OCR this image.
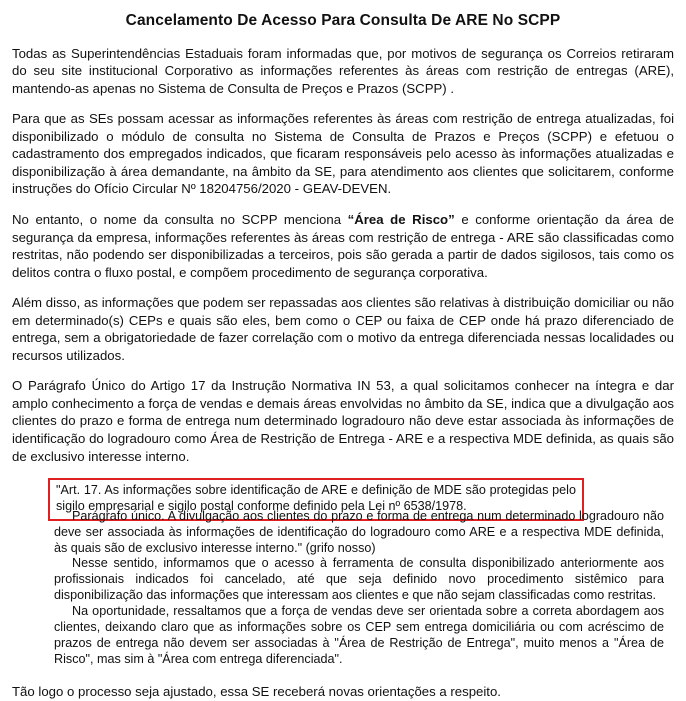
Cancelamento De Acesso Para Consulta De ARE No SCPP

Todas as Superintendências Estaduais foram informadas que, por motivos de segurança os Correios retiraram do seu site institucional Corporativo as informações referentes às áreas com restrição de entregas (ARE), mantendo-as apenas no Sistema de Consulta de Preços e Prazos (SCPP) .

Para que as SEs possam acessar as informações referentes às áreas com restrição de entrega atualizadas, foi disponibilizado o módulo de consulta no Sistema de Consulta de Prazos e Preços (SCPP) e efetuou o cadastramento dos empregados indicados, que ficaram responsáveis pelo acesso às informações atualizadas e disponibilização à área demandante, na âmbito da SE, para atendimento aos clientes que solicitarem, conforme instruções do Ofício Circular Nº 18204756/2020 - GEAV-DEVEN.

No entanto, o nome da consulta no SCPP menciona “Área de Risco” e conforme orientação da área de segurança da empresa, informações referentes às áreas com restrição de entrega - ARE são classificadas como restritas, não podendo ser disponibilizadas a terceiros, pois são gerada a partir de dados sigilosos, tais como os delitos contra o fluxo postal, e compõem procedimento de segurança corporativa.

Além disso, as informações que podem ser repassadas aos clientes são relativas à distribuição domiciliar ou não em determinado(s) CEPs e quais são eles, bem como o CEP ou faixa de CEP onde há prazo diferenciado de entrega, sem a obrigatoriedade de fazer correlação com o motivo da entrega diferenciada nessas localidades ou recursos utilizados.

O Parágrafo Único do Artigo 17 da Instrução Normativa IN 53, a qual solicitamos conhecer na íntegra e dar amplo conhecimento a força de vendas e demais áreas envolvidas no âmbito da SE, indica que a divulgação aos clientes do prazo e forma de entrega num determinado logradouro não deve estar associada às informações de identificação do logradouro como Área de Restrição de Entrega - ARE e a respectiva MDE definida, as quais são de exclusivo interesse interno.

"Art. 17. As informações sobre identificação de ARE e definição de MDE são protegidas pelo sigilo empresarial e sigilo postal conforme definido pela Lei nº 6538/1978.

Parágrafo único. A divulgação aos clientes do prazo e forma de entrega num determinado logradouro não deve ser associada às informações de identificação do logradouro como ARE e a respectiva MDE definida, às quais são de exclusivo interesse interno." (grifo nosso)

Nesse sentido, informamos que o acesso à ferramenta de consulta disponibilizado anteriormente aos profissionais indicados foi cancelado, até que seja definido novo procedimento sistêmico para disponibilização das informações que interessam aos clientes e que não sejam classificadas como restritas.

Na oportunidade, ressaltamos que a força de vendas deve ser orientada sobre a correta abordagem aos clientes, deixando claro que as informações sobre os CEP sem entrega domiciliária ou com acréscimo de prazos de entrega não devem ser associadas à "Área de Restrição de Entrega", muito menos a "Área de Risco", mas sim à "Área com entrega diferenciada".

Tão logo o processo seja ajustado, essa SE receberá novas orientações a respeito.
